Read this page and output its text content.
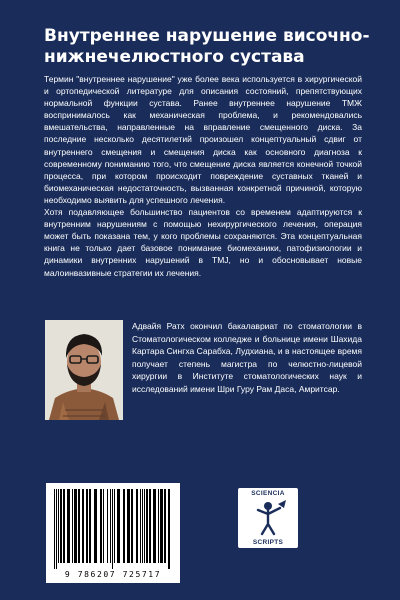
Внутреннее нарушение височно-нижнечелюстного сустава

Термин "внутреннее нарушение" уже более века используется в хирургической и ортопедической литературе для описания состояний, препятствующих нормальной функции сустава. Ранее внутреннее нарушение ТМЖ воспринималось как механическая проблема, и рекомендовались вмешательства, направленные на вправление смещенного диска. За последние несколько десятилетий произошел концептуальный сдвиг от внутреннего смещения и смещения диска как основного диагноза к современному пониманию того, что смещение диска является конечной точкой процесса, при котором происходит повреждение суставных тканей и биомеханическая недостаточность, вызванная конкретной причиной, которую необходимо выявить для успешного лечения.

Хотя подавляющее большинство пациентов со временем адаптируются к внутренним нарушениям с помощью нехирургического лечения, операция может быть показана тем, у кого проблемы сохраняются. Эта концептуальная книга не только дает базовое понимание биомеханики, патофизиологии и динамики внутренних нарушений в TMJ, но и обосновывает новые малоинвазивные стратегии их лечения.

Адвайя Ратх окончил бакалавриат по стоматологии в Стоматологическом колледже и больнице имени Шахида Картара Сингха Сарабха, Лудхиана, и в настоящее время получает степень магистра по челюстно-лицевой хирургии в Институте стоматологических наук и исследований имени Шри Гуру Рам Даса, Амритсар.

9 786207 725717
SCIENCIA
SCRIPTS
